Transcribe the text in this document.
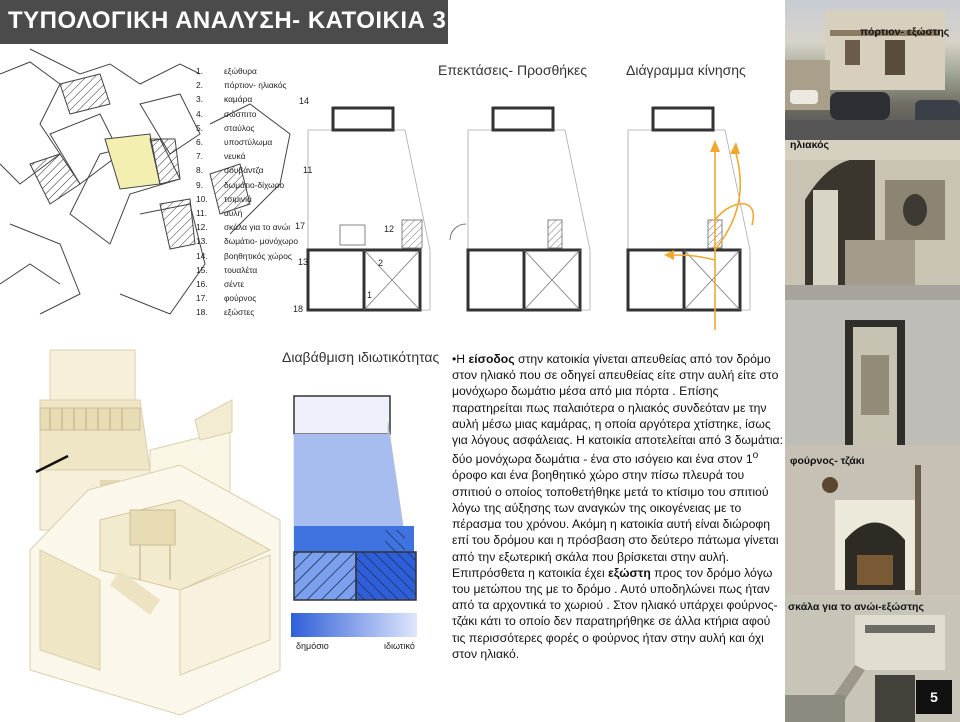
ΤΥΠΟΛΟΓΙΚΗ ΑΝΑΛΥΣΗ- ΚΑΤΟΙΚΙΑ 3
1.	εξώθυρα
2.	πόρτιον- ηλιακός
3.	καμάρα
4.	σώσπιτο
5.	σταύλος
6.	υποστύλωμα
7.	νευκά
8.	σουβάντζα
9.	δωμάτιο-δίχωρο
10.	τσιμινιά
11.	αυλή
12.	σκάλα για το ανώι
13.	δωμάτιο- μονόχωρο
14.	βοηθητικός χώρος
15.	τουαλέτα
16.	σέντε
17.	φούρνος
18.	εξώστες
14
11
17	12
13	2
1
18
Επεκτάσεις- Προσθήκες	Διάγραμμα κίνησης
Διαβάθμιση ιδιωτικότητας
δημόσιο	ιδιωτικό
•Η είσοδος στην κατοικία γίνεται απευθείας από τον δρόμο στον ηλιακό που σε οδηγεί απευθείας είτε στην αυλή είτε στο μονόχωρο δωμάτιο μέσα από μια πόρτα . Επίσης παρατηρείται πως παλαιότερα ο ηλιακός συνδεόταν με την αυλή μέσω μιας καμάρας, η οποία αργότερα χτίστηκε, ίσως για λόγους ασφάλειας. Η κατοικία αποτελείται από 3 δωμάτια: δύο μονόχωρα δωμάτια - ένα στο ισόγειο και ένα στον $1^o$ όροφο και ένα βοηθητικό χώρο στην πίσω πλευρά του σπιτιού ο οποίος τοποθετήθηκε μετά το κτίσιμο του σπιτιού λόγω της αύξησης των αναγκών της οικογένειας με το πέρασμα του χρόνου. Ακόμη η κατοικία αυτή είναι διώροφη επί του δρόμου και η πρόσβαση στο δεύτερο πάτωμα γίνεται από την εξωτερική σκάλα που βρίσκεται στην αυλή. Επιπρόσθετα η κατοικία έχει εξώστη προς τον δρόμο λόγω του μετώπου της με το δρόμο . Αυτό υποδηλώνει πως ήταν από τα αρχοντικά το χωριού . Στον ηλιακό υπάρχει φούρνος- τζάκι κάτι το οποίο δεν παρατηρήθηκε σε άλλα κτήρια αφού τις περισσότερες φορές ο φούρνος ήταν στην αυλή και όχι στον ηλιακό.
πόρτιον- εξώστης
ηλιακός
φούρνος- τζάκι
σκάλα για το ανώι-εξώστης
5
